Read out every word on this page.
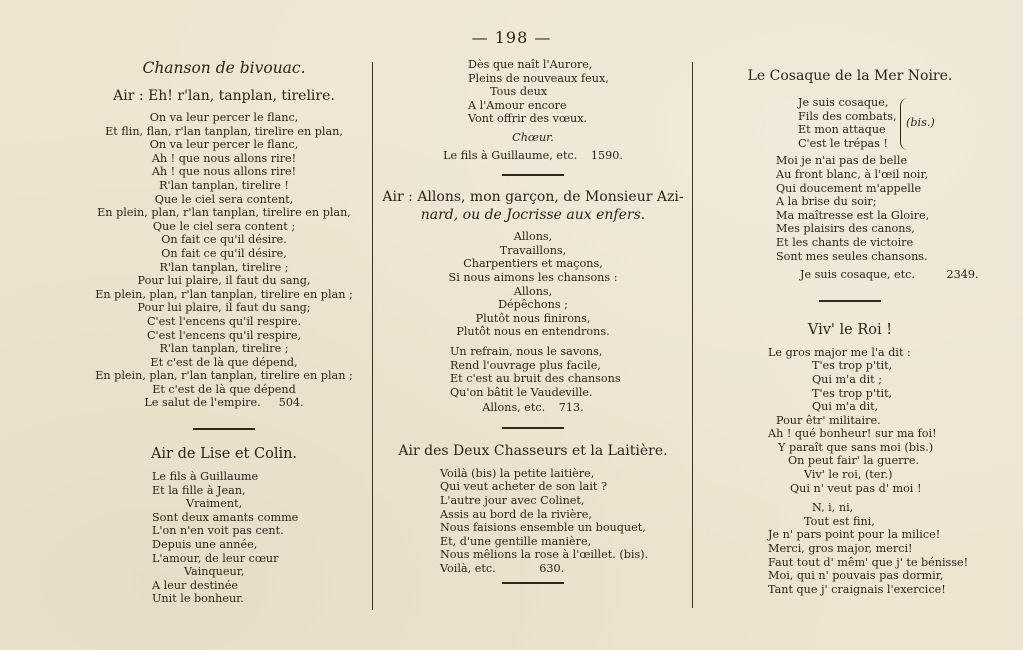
— 198 —
Chanson de bivouac.
Air : Eh! r'lan, tanplan, tirelire.
On va leur percer le flanc,
Et flin, flan, r'lan tanplan, tirelire en plan,
On va leur percer le flanc,
Ah ! que nous allons rire!
Ah ! que nous allons rire!
R'lan tanplan, tirelire !
Que le ciel sera content,
En plein, plan, r'lan tanplan, tirelire en plan,
Que le ciel sera content ;
On fait ce qu'il désire.
On fait ce qu'il désire,
R'lan tanplan, tirelire ;
Pour lui plaire, il faut du sang,
En plein, plan, r'lan tanplan, tirelire en plan ;
Pour lui plaire, il faut du sang;
C'est l'encens qu'il respire.
C'est l'encens qu'il respire,
R'lan tanplan, tirelire ;
Et c'est de là que dépend,
En plein, plan, r'lan tanplan, tirelire en plan ;
Et c'est de là que dépend
Le salut de l'empire. 504.
Air de Lise et Colin.
Le fils à Guillaume
Et la fille à Jean,
Vraiment,
Sont deux amants comme
L'on n'en voit pas cent.
Depuis une année,
L'amour, de leur cœur
Vainqueur,
A leur destinée
Unit le bonheur.
Dès que naît l'Aurore,
Pleins de nouveaux feux,
Tous deux
A l'Amour encore
Vont offrir des vœux.
Chœur.
Le fils à Guillaume, etc. 1590.
Air : Allons, mon garçon, de Monsieur Azi-
nard, ou de Jocrisse aux enfers.
Allons,
Travaillons,
Charpentiers et maçons,
Si nous aimons les chansons :
Allons,
Dépêchons ;
Plutôt nous finirons,
Plutôt nous en entendrons.
Un refrain, nous le savons,
Rend l'ouvrage plus facile,
Et c'est au bruit des chansons
Qu'on bâtit le Vaudeville.
Allons, etc. 713.
Air des Deux Chasseurs et la Laitière.
Voilà (bis) la petite laitière,
Qui veut acheter de son lait ?
L'autre jour avec Colinet,
Assis au bord de la rivière,
Nous faisions ensemble un bouquet,
Et, d'une gentille manière,
Nous mêlions la rose à l'œillet. (bis).
Voilà, etc.	630.
Le Cosaque de la Mer Noire.
Je suis cosaque,
Fils des combats,
Et mon attaque
C'est le trépas !
(bis.)
Moi je n'ai pas de belle
Au front blanc, à l'œil noir,
Qui doucement m'appelle
A la brise du soir;
Ma maîtresse est la Gloire,
Mes plaisirs des canons,
Et les chants de victoire
Sont mes seules chansons.
Je suis cosaque, etc.	2349.
Viv' le Roi !
Le gros major me l'a dit :
T'es trop p'tit,
Qui m'a dit ;
T'es trop p'tit,
Qui m'a dit,
Pour êtr' militaire.
Ah ! qué bonheur! sur ma foi!
Y paraît que sans moi (bis.)
On peut fair' la guerre.
Viv' le roi, (ter.)
Qui n' veut pas d' moi !
N, i, ni,
Tout est fini,
Je n' pars point pour la milice!
Merci, gros major, merci!
Faut tout d' mêm' que j' te bénisse!
Moi, qui n' pouvais pas dormir,
Tant que j' craignais l'exercice!
